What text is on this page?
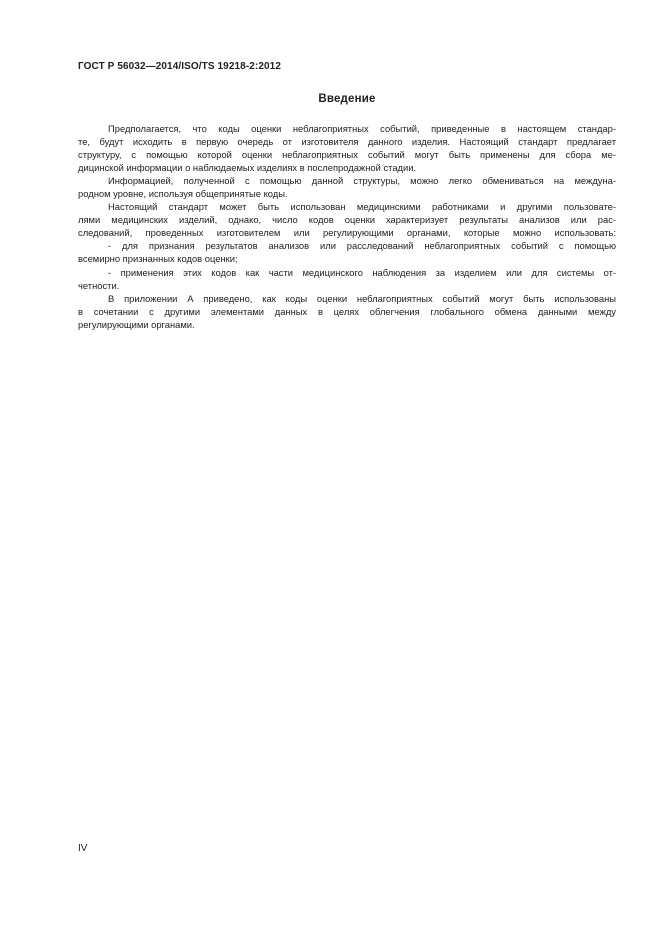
ГОСТ Р 56032—2014/ISO/TS 19218-2:2012
Введение
Предполагается, что коды оценки неблагоприятных событий, приведенные в настоящем стандар-
те, будут исходить в первую очередь от изготовителя данного изделия. Настоящий стандарт предлагает
структуру, с помощью которой оценки неблагоприятных событий могут быть применены для сбора ме-
дицинской информации о наблюдаемых изделиях в послепродажной стадии.
Информацией, полученной с помощью данной структуры, можно легко обмениваться на междуна-
родном уровне, используя общепринятые коды.
Настоящий стандарт может быть использован медицинскими работниками и другими пользовате-
лями медицинских изделий, однако, число кодов оценки характеризует результаты анализов или рас-
следований, проведенных изготовителем или регулирующими органами, которые можно использовать:
- для признания результатов анализов или расследований неблагоприятных событий с помощью
всемирно признанных кодов оценки;
- применения этих кодов как части медицинского наблюдения за изделием или для системы от-
четности.
В приложении А приведено, как коды оценки неблагоприятных событий могут быть использованы
в сочетании с другими элементами данных в целях облегчения глобального обмена данными между
регулирующими органами.
IV
